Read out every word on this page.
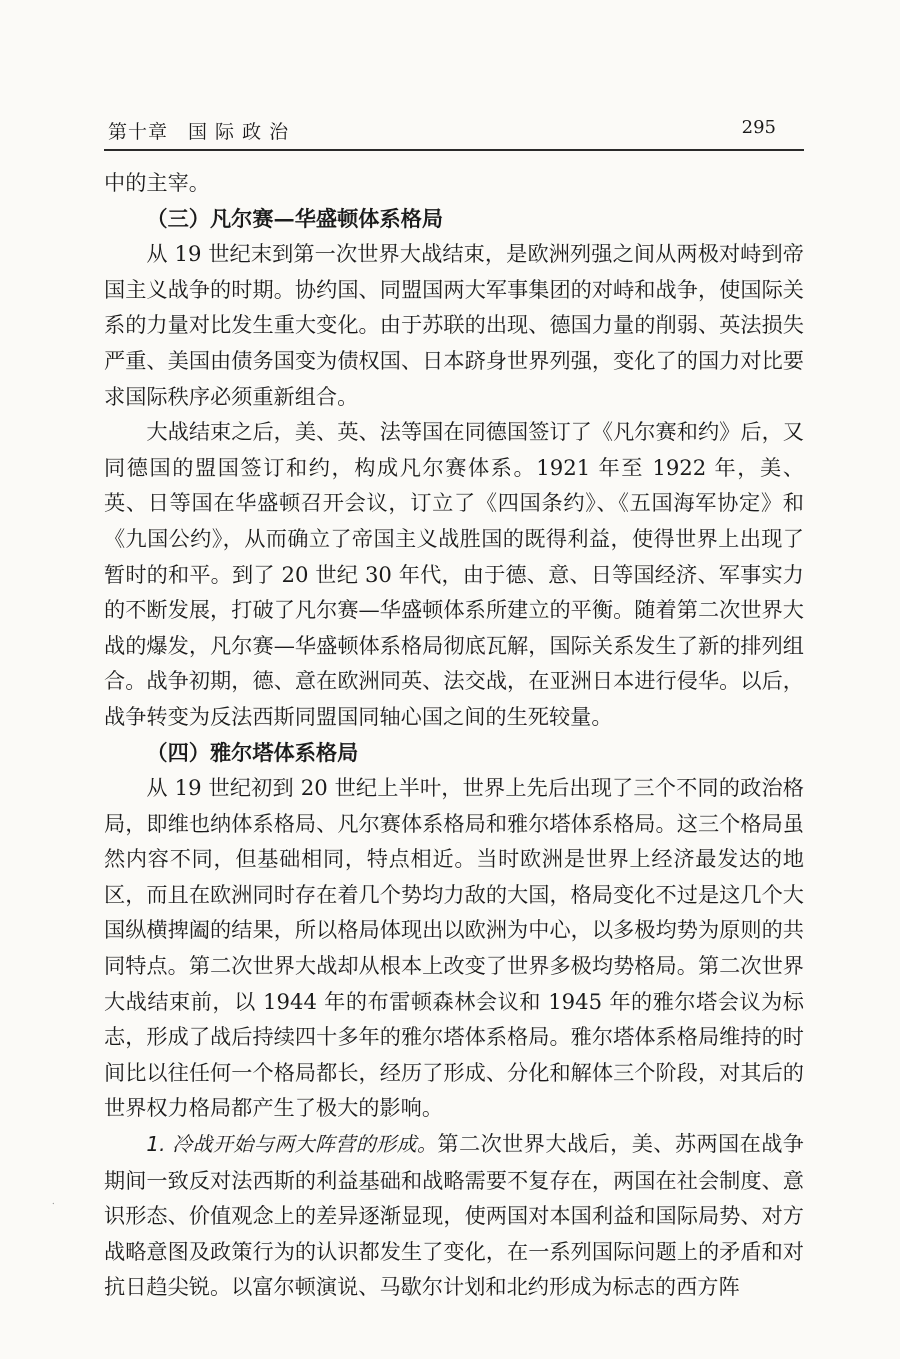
第十章　国 际 政 治	295

中的主宰。

（三）凡尔赛—华盛顿体系格局

从 19 世纪末到第一次世界大战结束，是欧洲列强之间从两极对峙到帝国主义战争的时期。协约国、同盟国两大军事集团的对峙和战争，使国际关系的力量对比发生重大变化。由于苏联的出现、德国力量的削弱、英法损失严重、美国由债务国变为债权国、日本跻身世界列强，变化了的国力对比要求国际秩序必须重新组合。

大战结束之后，美、英、法等国在同德国签订了《凡尔赛和约》后，又同德国的盟国签订和约，构成凡尔赛体系。1921 年至 1922 年，美、英、日等国在华盛顿召开会议，订立了《四国条约》、《五国海军协定》和《九国公约》，从而确立了帝国主义战胜国的既得利益，使得世界上出现了暂时的和平。到了 20 世纪 30 年代，由于德、意、日等国经济、军事实力的不断发展，打破了凡尔赛—华盛顿体系所建立的平衡。随着第二次世界大战的爆发，凡尔赛—华盛顿体系格局彻底瓦解，国际关系发生了新的排列组合。战争初期，德、意在欧洲同英、法交战，在亚洲日本进行侵华。以后，战争转变为反法西斯同盟国同轴心国之间的生死较量。

（四）雅尔塔体系格局

从 19 世纪初到 20 世纪上半叶，世界上先后出现了三个不同的政治格局，即维也纳体系格局、凡尔赛体系格局和雅尔塔体系格局。这三个格局虽然内容不同，但基础相同，特点相近。当时欧洲是世界上经济最发达的地区，而且在欧洲同时存在着几个势均力敌的大国，格局变化不过是这几个大国纵横捭阖的结果，所以格局体现出以欧洲为中心，以多极均势为原则的共同特点。第二次世界大战却从根本上改变了世界多极均势格局。第二次世界大战结束前，以 1944 年的布雷顿森林会议和 1945 年的雅尔塔会议为标志，形成了战后持续四十多年的雅尔塔体系格局。雅尔塔体系格局维持的时间比以往任何一个格局都长，经历了形成、分化和解体三个阶段，对其后的世界权力格局都产生了极大的影响。

1. 冷战开始与两大阵营的形成。第二次世界大战后，美、苏两国在战争期间一致反对法西斯的利益基础和战略需要不复存在，两国在社会制度、意识形态、价值观念上的差异逐渐显现，使两国对本国利益和国际局势、对方战略意图及政策行为的认识都发生了变化，在一系列国际问题上的矛盾和对抗日趋尖锐。以富尔顿演说、马歇尔计划和北约形成为标志的西方阵

⸱
